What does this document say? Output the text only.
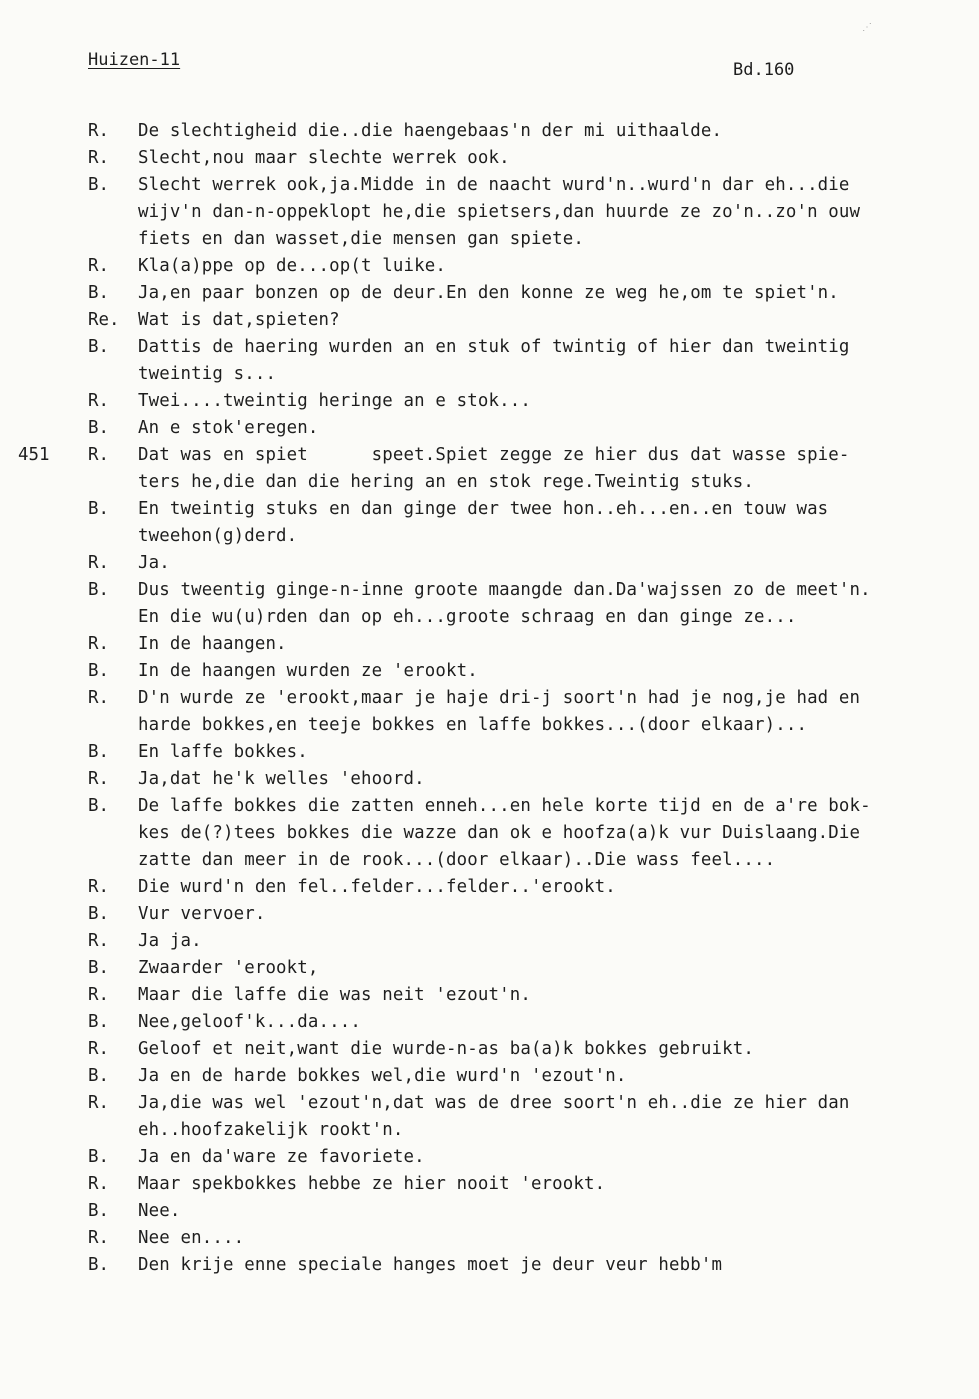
Huizen-11	Bd.160
R. De slechtigheid die..die haengebaas'n der mi uithaalde.
R. Slecht,nou maar slechte werrek ook.
B. Slecht werrek ook,ja.Midde in de naacht wurd'n..wurd'n dar eh...die
wijv'n dan-n-oppeklopt he,die spietsers,dan huurde ze zo'n..zo'n ouw
fiets en dan wasset,die mensen gan spiete.
R. Kla(a)ppe op de...op(t luike.
B. Ja,en paar bonzen op de deur.En den konne ze weg he,om te spiet'n.
Re. Wat is dat,spieten?
B. Dattis de haering wurden an en stuk of twintig of hier dan tweintig
tweintig s...
R. Twei....tweintig heringe an e stok...
B. An e stok'eregen.
451 R. Dat was en spiet      speet.Spiet zegge ze hier dus dat wasse spie-
ters he,die dan die hering an en stok rege.Tweintig stuks.
B. En tweintig stuks en dan ginge der twee hon..eh...en..en touw was
tweehon(g)derd.
R. Ja.
B. Dus tweentig ginge-n-inne groote maangde dan.Da'wajssen zo de meet'n.
En die wu(u)rden dan op eh...groote schraag en dan ginge ze...
R. In de haangen.
B. In de haangen wurden ze 'erookt.
R. D'n wurde ze 'erookt,maar je haje dri-j soort'n had je nog,je had en
harde bokkes,en teeje bokkes en laffe bokkes...(door elkaar)...
B. En laffe bokkes.
R. Ja,dat he'k welles 'ehoord.
B. De laffe bokkes die zatten enneh...en hele korte tijd en de a're bok-
kes de(?)tees bokkes die wazze dan ok e hoofza(a)k vur Duislaang.Die
zatte dan meer in de rook...(door elkaar)..Die wass feel....
R. Die wurd'n den fel..felder...felder..'erookt.
B. Vur vervoer.
R. Ja ja.
B. Zwaarder 'erookt,
R. Maar die laffe die was neit 'ezout'n.
B. Nee,geloof'k...da....
R. Geloof et neit,want die wurde-n-as ba(a)k bokkes gebruikt.
B. Ja en de harde bokkes wel,die wurd'n 'ezout'n.
R. Ja,die was wel 'ezout'n,dat was de dree soort'n eh..die ze hier dan
eh..hoofzakelijk rookt'n.
B. Ja en da'ware ze favoriete.
R. Maar spekbokkes hebbe ze hier nooit 'erookt.
B. Nee.
R. Nee en....
B. Den krije enne speciale hanges moet je deur veur hebb'm
⋰
